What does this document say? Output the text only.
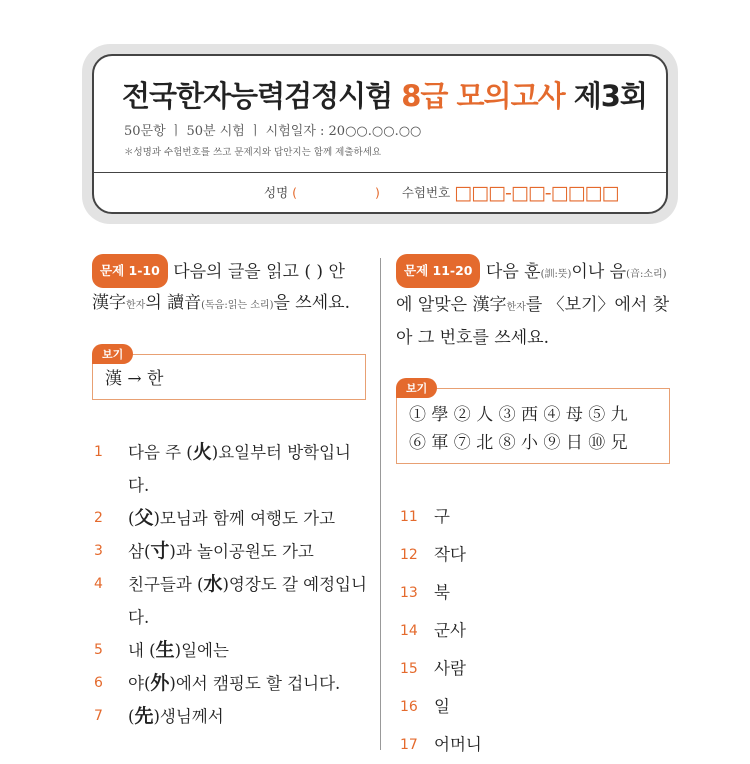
전국한자능력검정시험 8급 모의고사 제3회
50문항 ㅣ 50분 시험 ㅣ 시험일자 : 20○○.○○.○○
＊성명과 수험번호를 쓰고 문제지와 답안지는 함께 제출하세요
성명 (	) 수험번호 □□□-□□-□□□□
문제 1-10 다음의 글을 읽고 ( ) 안
漢字한자의 讀音(독음:읽는 소리)을 쓰세요.
보기
漢 → 한
1	다음 주 (火)요일부터 방학입니다.
2	(父)모님과 함께 여행도 가고
3	삼(寸)과 놀이공원도 가고
4	친구들과 (水)영장도 갈 예정입니다.
5	내 (生)일에는
6	야(外)에서 캠핑도 할 겁니다.
7	(先)생님께서
문제 11-20 다음 훈(訓:뜻)이나 음(音:소리)에 알맞은 漢字한자를 〈보기〉에서 찾아 그 번호를 쓰세요.
보기
① 學 ② 人 ③ 西 ④ 母 ⑤ 九
⑥ 軍 ⑦ 北 ⑧ 小 ⑨ 日 ⑩ 兄
11 구
12 작다
13 북
14 군사
15 사람
16 일
17 어머니
